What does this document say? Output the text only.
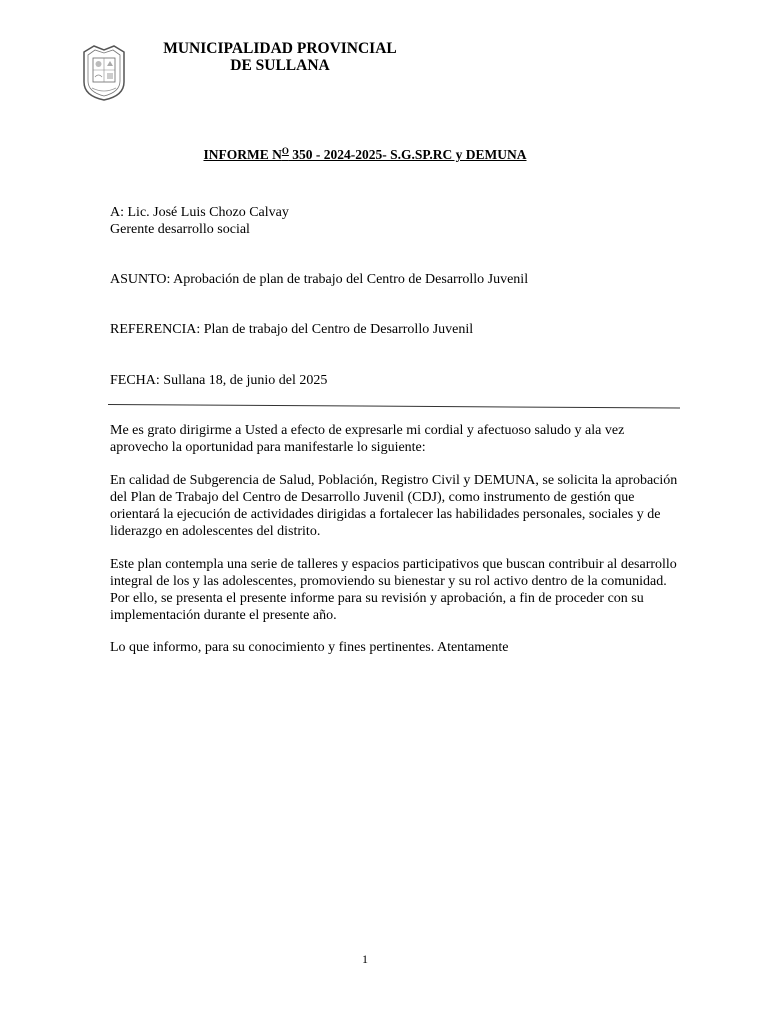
MUNICIPALIDAD PROVINCIAL
DE SULLANA
INFORME $N^O$ 350 - 2024-2025- S.G.SP.RC y DEMUNA
A: Lic. José Luis Chozo Calvay
Gerente desarrollo social
ASUNTO: Aprobación de plan de trabajo del Centro de Desarrollo Juvenil
REFERENCIA: Plan de trabajo del Centro de Desarrollo Juvenil
FECHA: Sullana 18, de junio del 2025
Me es grato dirigirme a Usted a efecto de expresarle mi cordial y afectuoso saludo y ala vez aprovecho la oportunidad para manifestarle lo siguiente:
En calidad de Subgerencia de Salud, Población, Registro Civil y DEMUNA, se solicita la aprobación del Plan de Trabajo del Centro de Desarrollo Juvenil (CDJ), como instrumento de gestión que orientará la ejecución de actividades dirigidas a fortalecer las habilidades personales, sociales y de liderazgo en adolescentes del distrito.
Este plan contempla una serie de talleres y espacios participativos que buscan contribuir al desarrollo integral de los y las adolescentes, promoviendo su bienestar y su rol activo dentro de la comunidad. Por ello, se presenta el presente informe para su revisión y aprobación, a fin de proceder con su implementación durante el presente año.
Lo que informo, para su conocimiento y fines pertinentes. Atentamente
1
